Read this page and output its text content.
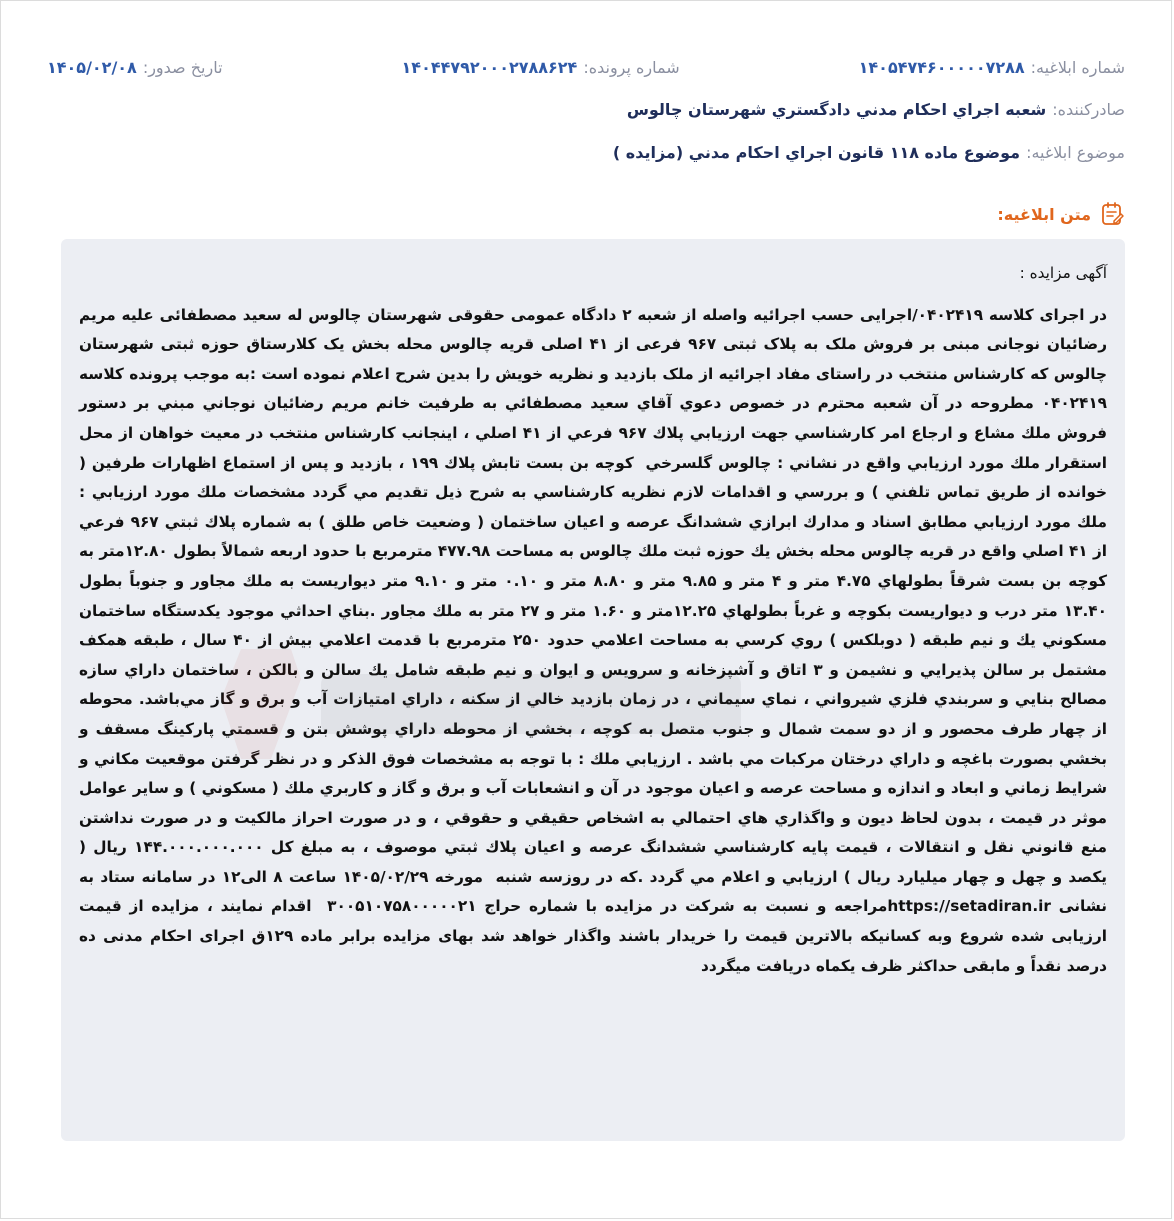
شماره ابلاغیه:
۱۴۰۵۴۷۴۶۰۰۰۰۰۷۲۸۸
شماره پرونده:
۱۴۰۴۴۷۹۲۰۰۰۲۷۸۸۶۲۴
تاریخ صدور:
۱۴۰۵/۰۲/۰۸
صادرکننده:
شعبه اجراي احكام مدني دادگستري شهرستان چالوس
موضوع ابلاغیه:
موضوع ماده ۱۱۸ قانون اجراي احكام مدني (مزايده )
متن ابلاغیه:

آگهی مزایده :

در اجرای کلاسه ۰۴۰۲۴۱۹/اجرایی حسب اجرائیه واصله از شعبه ۲ دادگاه عمومی حقوقی شهرستان چالوس له سعید مصطفائی علیه مریم رضائیان نوجانی مبنی بر فروش ملک به پلاک ثبتی ۹۶۷ فرعی از ۴۱ اصلی قریه چالوس محله بخش یک کلارستاق حوزه ثبتی شهرستان چالوس که کارشناس منتخب در راستای مفاد اجرائیه از ملک بازدید و نظریه خویش را بدین شرح اعلام نموده است :به موجب پرونده کلاسه ۰۴۰۲۴۱۹ مطروحه در آن شعبه محترم در خصوص دعوي آقاي سعيد مصطفائي به طرفيت خانم مريم رضائيان نوجاني مبني بر دستور فروش ملك مشاع و ارجاع امر كارشناسي جهت ارزيابي پلاك ۹۶۷ فرعي از ۴۱ اصلي ، اينجانب كارشناس منتخب در معيت خواهان از محل استقرار ملك مورد ارزيابي واقع در نشاني : چالوس گلسرخي  كوچه بن بست تابش پلاك ۱۹۹ ، بازديد و پس از استماع اظهارات طرفين ( خوانده از طريق تماس تلفني ) و بررسي و اقدامات لازم نظريه كارشناسي به شرح ذيل تقديم مي گردد مشخصات ملك مورد ارزيابي : ملك مورد ارزيابي مطابق اسناد و مدارك ابرازي ششدانگ عرصه و اعيان ساختمان ( وضعيت خاص طلق ) به شماره پلاك ثبتي ۹۶۷ فرعي از ۴۱ اصلي واقع در قريه چالوس محله بخش يك حوزه ثبت ملك چالوس به مساحت ۴۷۷.۹۸ مترمربع با حدود اربعه شمالاً بطول ۱۲.۸۰متر به كوچه بن بست شرقاً بطولهاي ۴.۷۵ متر و ۴ متر و ۹.۸۵ متر و ۸.۸۰ متر و ۰.۱۰ متر و ۹.۱۰ متر ديواريست به ملك مجاور و جنوباً بطول ۱۳.۴۰ متر درب و ديواريست بكوچه و غرباً بطولهاي ۱۲.۲۵متر و ۱.۶۰ متر و ۲۷ متر به ملك مجاور .بناي احداثي موجود يكدستگاه ساختمان  مسكوني يك و نيم طبقه ( دوبلكس ) روي كرسي به مساحت اعلامي حدود ۲۵۰ مترمربع با قدمت اعلامي بيش از ۴۰ سال ، طبقه همكف مشتمل بر سالن پذيرايي و نشيمن و ۳ اتاق و آشپزخانه و سرويس و ايوان و نيم طبقه شامل يك سالن و بالكن ، ساختمان داراي سازه مصالح بنايي و سربندي فلزي شيرواني ، نماي سيماني ، در زمان بازديد خالي از سكنه ، داراي امتيازات آب و برق و گاز مي‌باشد. محوطه از چهار طرف محصور و از دو سمت شمال و جنوب متصل به كوچه ، بخشي از محوطه داراي پوشش بتن و قسمتي پاركينگ مسقف و بخشي بصورت باغچه و داراي درختان مركبات مي باشد . ارزيابي ملك : با توجه به مشخصات فوق الذكر و در نظر گرفتن موقعيت مكاني و شرايط زماني و ابعاد و اندازه و مساحت عرصه و اعيان موجود در آن و انشعابات آب و برق و گاز و كاربري ملك ( مسكوني ) و ساير عوامل موثر در قيمت ، بدون لحاظ ديون و واگذاري هاي احتمالي به اشخاص حقيقي و حقوقي ، و در صورت احراز مالكيت و در صورت نداشتن منع قانوني نقل و انتقالات ، قيمت پايه كارشناسي ششدانگ عرصه و اعيان پلاك ثبتي موصوف ، به مبلغ كل ۱۴۴.۰۰۰.۰۰۰.۰۰۰ ريال ( يكصد و چهل و چهار ميليارد ريال ) ارزيابي و اعلام مي گردد .که در روزسه شنبه  مورخه ۱۴۰۵/۰۲/۲۹ ساعت ۸ الی۱۲ در سامانه ستاد به نشانی https://setadiran.irمراجعه و نسبت به شرکت در مزایده با شماره حراج ۳۰۰۵۱۰۷۵۸۰۰۰۰۰۲۱  اقدام نمایند ، مزایده از قیمت ارزیابی شده شروع وبه کسانیکه بالاترین قیمت را خریدار باشند واگذار خواهد شد بهای مزایده برابر ماده ۱۲۹ق اجرای احکام مدنی ده درصد نقداً و مابقی حداکثر ظرف یکماه دریافت میگردد
